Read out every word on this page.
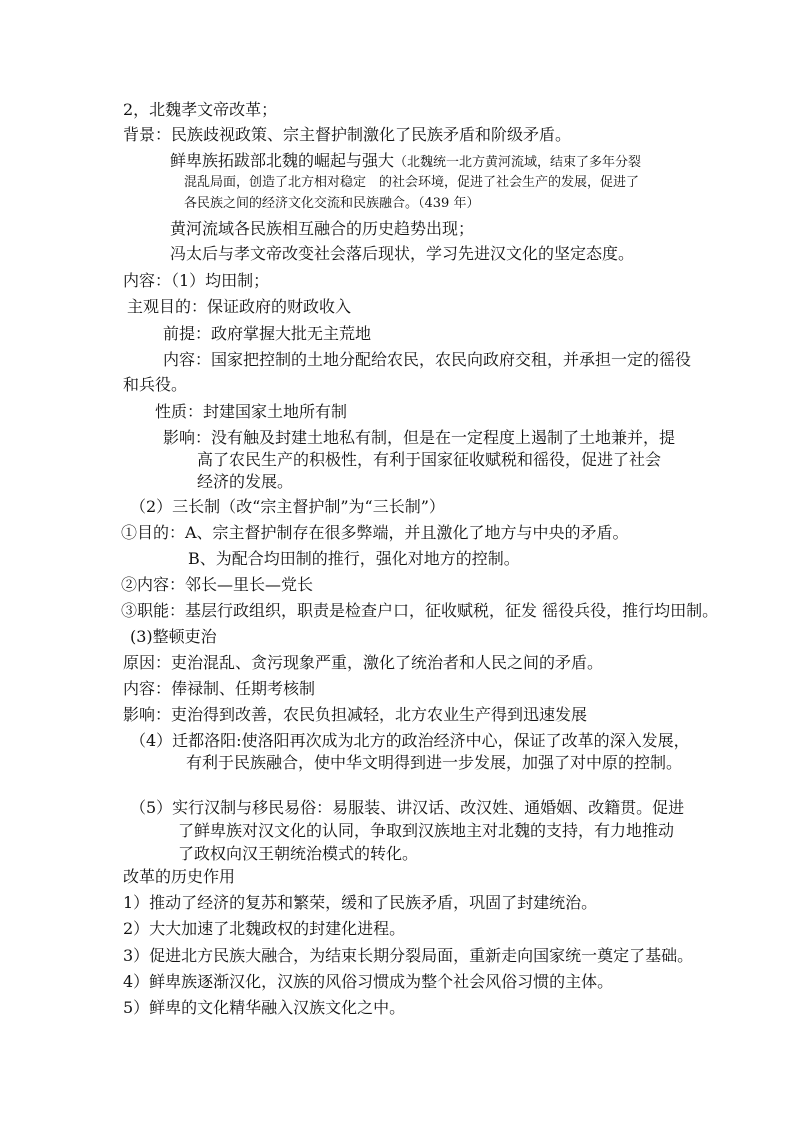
2，北魏孝文帝改革；
背景：民族歧视政策、宗主督护制激化了民族矛盾和阶级矛盾。
鲜卑族拓跋部北魏的崛起与强大（北魏统一北方黄河流域，结束了多年分裂
混乱局面，创造了北方相对稳定　的社会环境，促进了社会生产的发展，促进了
各民族之间的经济文化交流和民族融合。（439 年）
黄河流域各民族相互融合的历史趋势出现；
冯太后与孝文帝改变社会落后现状，学习先进汉文化的坚定态度。
内容：（1）均田制；
主观目的：保证政府的财政收入
前提：政府掌握大批无主荒地
内容：国家把控制的土地分配给农民，农民向政府交租，并承担一定的徭役
和兵役。
性质：封建国家土地所有制
影响：没有触及封建土地私有制，但是在一定程度上遏制了土地兼并，提
高了农民生产的积极性，有利于国家征收赋税和徭役，促进了社会
经济的发展。
（2）三长制（改“宗主督护制”为“三长制”）
①目的：A、宗主督护制存在很多弊端，并且激化了地方与中央的矛盾。
B、为配合均田制的推行，强化对地方的控制。
②内容：邻长—里长—党长
③职能：基层行政组织，职责是检查户口，征收赋税，征发 徭役兵役，推行均田制。
(3)整顿吏治
原因：吏治混乱、贪污现象严重，激化了统治者和人民之间的矛盾。
内容：俸禄制、任期考核制
影响：吏治得到改善，农民负担减轻，北方农业生产得到迅速发展
（4）迁都洛阳:使洛阳再次成为北方的政治经济中心，保证了改革的深入发展，
有利于民族融合，使中华文明得到进一步发展，加强了对中原的控制。
（5）实行汉制与移民易俗：易服装、讲汉话、改汉姓、通婚姻、改籍贯。促进
了鲜卑族对汉文化的认同，争取到汉族地主对北魏的支持，有力地推动
了政权向汉王朝统治模式的转化。
改革的历史作用
1）推动了经济的复苏和繁荣，缓和了民族矛盾，巩固了封建统治。
2）大大加速了北魏政权的封建化进程。
3）促进北方民族大融合，为结束长期分裂局面，重新走向国家统一奠定了基础。
4）鲜卑族逐渐汉化，汉族的风俗习惯成为整个社会风俗习惯的主体。
5）鲜卑的文化精华融入汉族文化之中。
